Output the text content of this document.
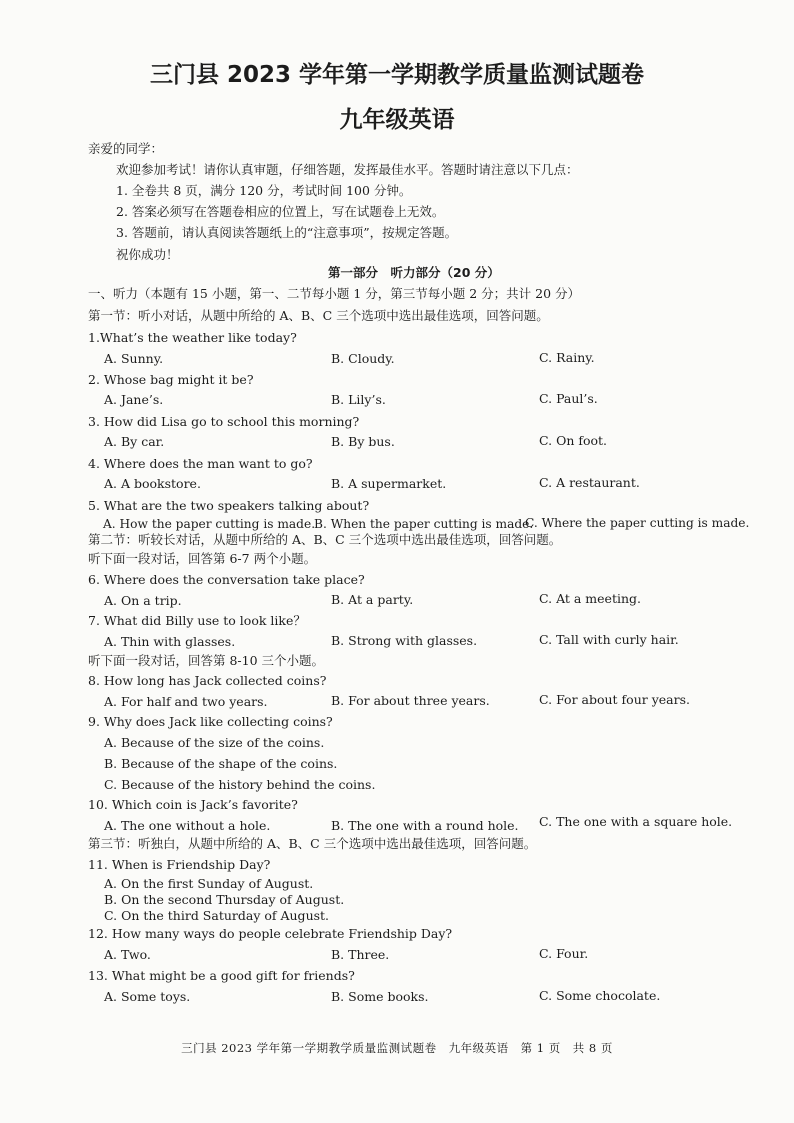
三门县 2023 学年第一学期教学质量监测试题卷
九年级英语
亲爱的同学：
欢迎参加考试！请你认真审题，仔细答题，发挥最佳水平。答题时请注意以下几点：
1. 全卷共 8 页，满分 120 分，考试时间 100 分钟。
2. 答案必须写在答题卷相应的位置上，写在试题卷上无效。
3. 答题前，请认真阅读答题纸上的“注意事项”，按规定答题。
祝你成功！
第一部分　听力部分（20 分）
一、听力（本题有 15 小题，第一、二节每小题 1 分，第三节每小题 2 分；共计 20 分）
第一节：听小对话，从题中所给的 A、B、C 三个选项中选出最佳选项，回答问题。
1.What’s the weather like today?
A. Sunny.	B. Cloudy.	C. Rainy.
2. Whose bag might it be?
A. Jane’s.	B. Lily’s.	C. Paul’s.
3. How did Lisa go to school this morning?
A. By car.	B. By bus.	C. On foot.
4. Where does the man want to go?
A. A bookstore.	B. A supermarket.	C. A restaurant.
5. What are the two speakers talking about?
A. How the paper cutting is made.
B. When the paper cutting is made.
C. Where the paper cutting is made.
第二节：听较长对话，从题中所给的 A、B、C 三个选项中选出最佳选项，回答问题。
听下面一段对话，回答第 6-7 两个小题。
6. Where does the conversation take place?
A. On a trip.	B. At a party.	C. At a meeting.
7. What did Billy use to look like？
A. Thin with glasses.	B. Strong with glasses.	C. Tall with curly hair.
听下面一段对话，回答第 8-10 三个小题。
8. How long has Jack collected coins?
A. For half and two years.	B. For about three years.	C. For about four years.
9. Why does Jack like collecting coins?
A. Because of the size of the coins.
B. Because of the shape of the coins.
C. Because of the history behind the coins.
10. Which coin is Jack’s favorite?
A. The one without a hole.	B. The one with a round hole. C. The one with a square hole.
第三节：听独白，从题中所给的 A、B、C 三个选项中选出最佳选项，回答问题。
11. When is Friendship Day?
A. On the first Sunday of August.
B. On the second Thursday of August.
C. On the third Saturday of August.
12. How many ways do people celebrate Friendship Day?
A. Two.	B. Three.	C. Four.
13. What might be a good gift for friends?
A. Some toys.	B. Some books.	C. Some chocolate.
三门县 2023 学年第一学期教学质量监测试题卷　九年级英语　第 1 页　共 8 页
